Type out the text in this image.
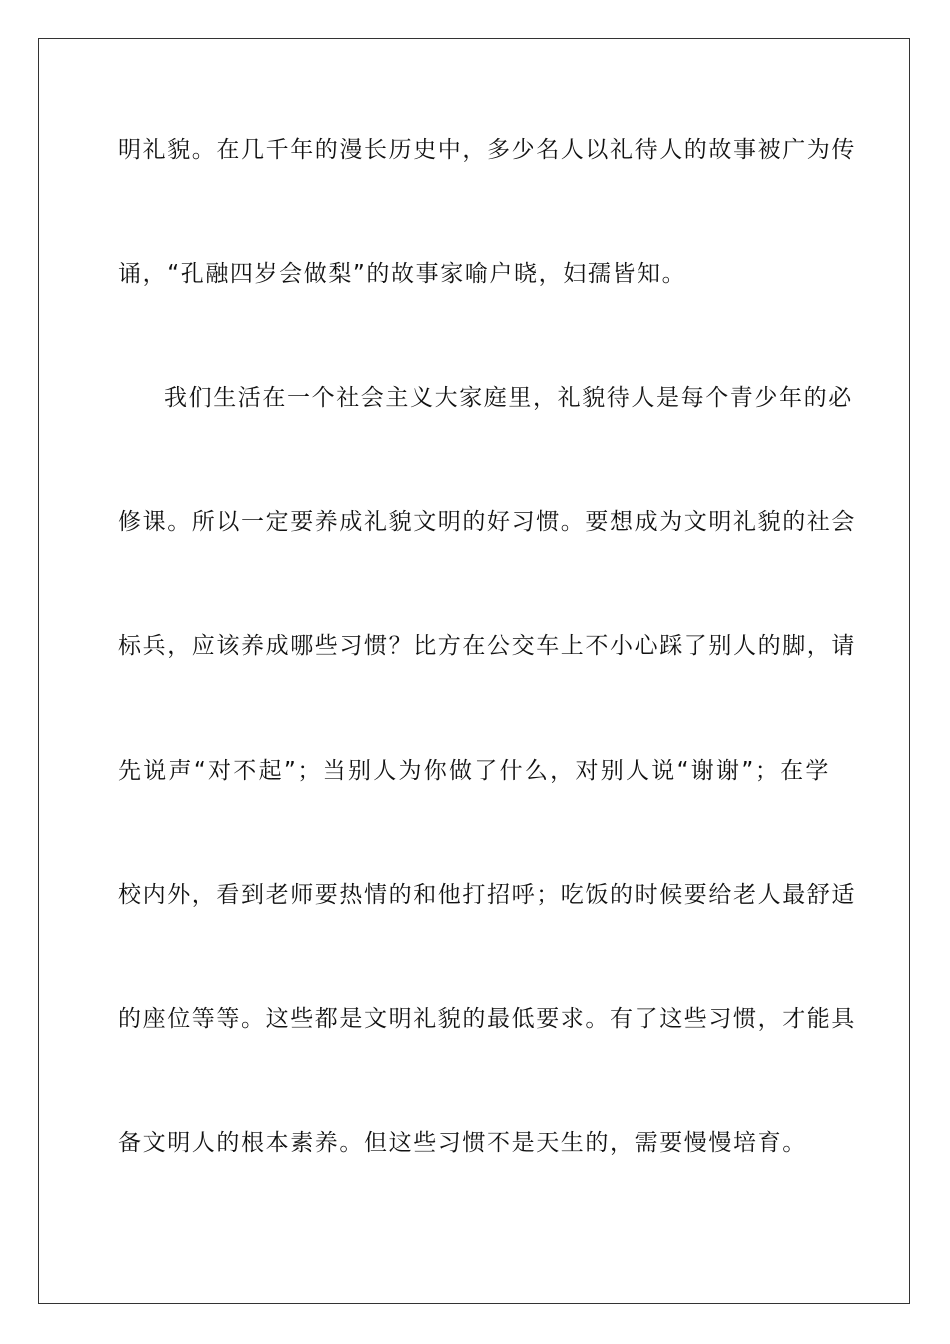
明礼貌。在几千年的漫长历史中，多少名人以礼待人的故事被广为传
诵，“孔融四岁会做梨”的故事家喻户晓，妇孺皆知。
我们生活在一个社会主义大家庭里，礼貌待人是每个青少年的必
修课。所以一定要养成礼貌文明的好习惯。要想成为文明礼貌的社会
标兵，应该养成哪些习惯？比方在公交车上不小心踩了别人的脚，请
先说声“对不起”；当别人为你做了什么，对别人说“谢谢”；在学
校内外，看到老师要热情的和他打招呼；吃饭的时候要给老人最舒适
的座位等等。这些都是文明礼貌的最低要求。有了这些习惯，才能具
备文明人的根本素养。但这些习惯不是天生的，需要慢慢培育。
